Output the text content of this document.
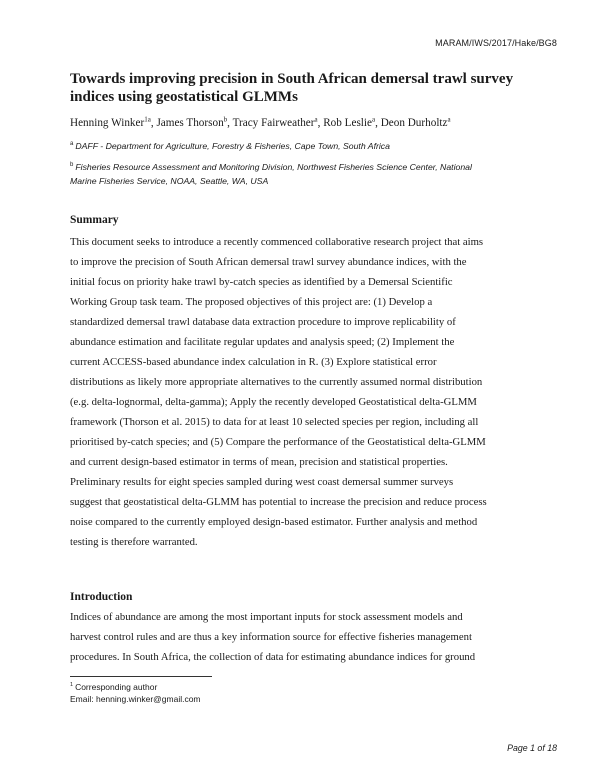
MARAM/IWS/2017/Hake/BG8
Towards improving precision in South African demersal trawl survey indices using geostatistical GLMMs
Henning Winker$^{1a}$, James Thorson$^b$, Tracy Fairweather$^a$, Rob Leslie$^a$, Deon Durholtz$^a$
$^a$ DAFF - Department for Agriculture, Forestry & Fisheries, Cape Town, South Africa
$^b$ Fisheries Resource Assessment and Monitoring Division, Northwest Fisheries Science Center, National
Marine Fisheries Service, NOAA, Seattle, WA, USA
Summary
This document seeks to introduce a recently commenced collaborative research project that aims
to improve the precision of South African demersal trawl survey abundance indices, with the
initial focus on priority hake trawl by-catch species as identified by a Demersal Scientific
Working Group task team. The proposed objectives of this project are: (1) Develop a
standardized demersal trawl database data extraction procedure to improve replicability of
abundance estimation and facilitate regular updates and analysis speed; (2) Implement the
current ACCESS-based abundance index calculation in R. (3) Explore statistical error
distributions as likely more appropriate alternatives to the currently assumed normal distribution
(e.g. delta-lognormal, delta-gamma); Apply the recently developed Geostatistical delta-GLMM
framework (Thorson et al. 2015) to data for at least 10 selected species per region, including all
prioritised by-catch species; and (5) Compare the performance of the Geostatistical delta-GLMM
and current design-based estimator in terms of mean, precision and statistical properties.
Preliminary results for eight species sampled during west coast demersal summer surveys
suggest that geostatistical delta-GLMM has potential to increase the precision and reduce process
noise compared to the currently employed design-based estimator. Further analysis and method
testing is therefore warranted.
Introduction
Indices of abundance are among the most important inputs for stock assessment models and
harvest control rules and are thus a key information source for effective fisheries management
procedures. In South Africa, the collection of data for estimating abundance indices for ground
$^1$ Corresponding author
Email: henning.winker@gmail.com
Page 1 of 18
